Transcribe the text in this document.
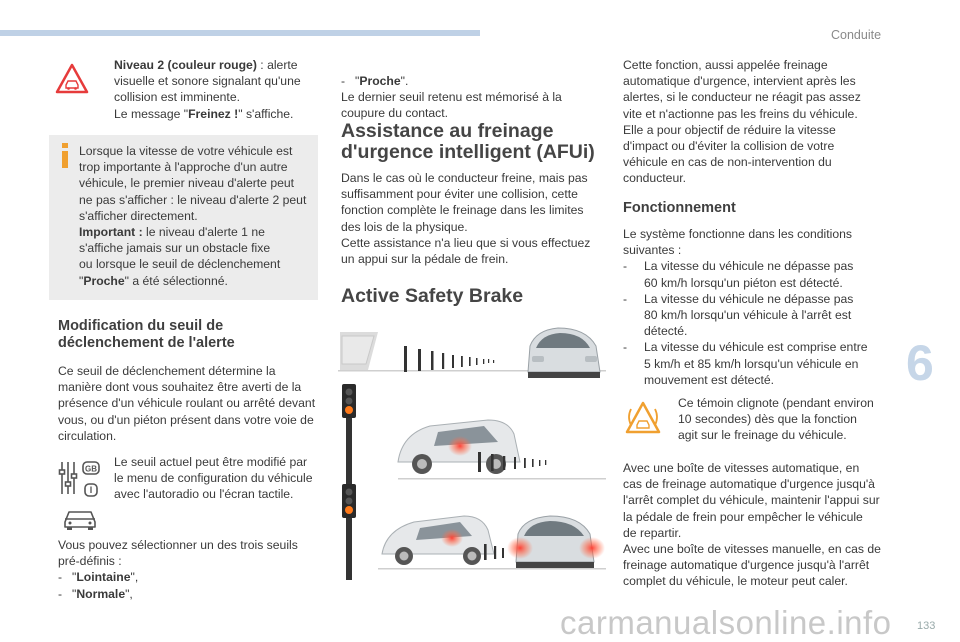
Conduite
6
Niveau 2 (couleur rouge) : alerte
visuelle et sonore signalant qu'une
collision est imminente.
Le message "Freinez !" s'affiche.
Lorsque la vitesse de votre véhicule est
trop importante à l'approche d'un autre
véhicule, le premier niveau d'alerte peut
ne pas s'afficher : le niveau d'alerte 2 peut
s'afficher directement.
Important : le niveau d'alerte 1 ne
s'affiche jamais sur un obstacle fixe
ou lorsque le seuil de déclenchement
"Proche" a été sélectionné.
Modification du seuil de
déclenchement de l'alerte
Ce seuil de déclenchement détermine la
manière dont vous souhaitez être averti de la
présence d'un véhicule roulant ou arrêté devant
vous, ou d'un piéton présent dans votre voie de
circulation.
GB
I
Le seuil actuel peut être modifié par
le menu de configuration du véhicule
avec l'autoradio ou l'écran tactile.
Vous pouvez sélectionner un des trois seuils
pré-définis :
- "Lointaine",
- "Normale",
- "Proche".
Le dernier seuil retenu est mémorisé à la
coupure du contact.
Assistance au freinage
d'urgence intelligent (AFUi)
Dans le cas où le conducteur freine, mais pas
suffisamment pour éviter une collision, cette
fonction complète le freinage dans les limites
des lois de la physique.
Cette assistance n'a lieu que si vous effectuez
un appui sur la pédale de frein.
Active Safety Brake
Cette fonction, aussi appelée freinage
automatique d'urgence, intervient après les
alertes, si le conducteur ne réagit pas assez
vite et n'actionne pas les freins du véhicule.
Elle a pour objectif de réduire la vitesse
d'impact ou d'éviter la collision de votre
véhicule en cas de non-intervention du
conducteur.
Fonctionnement
Le système fonctionne dans les conditions
suivantes :
- La vitesse du véhicule ne dépasse pas
60 km/h lorsqu'un piéton est détecté.
- La vitesse du véhicule ne dépasse pas
80 km/h lorsqu'un véhicule à l'arrêt est
détecté.
- La vitesse du véhicule est comprise entre
5 km/h et 85 km/h lorsqu'un véhicule en
mouvement est détecté.
Ce témoin clignote (pendant environ
10 secondes) dès que la fonction
agit sur le freinage du véhicule.
Avec une boîte de vitesses automatique, en
cas de freinage automatique d'urgence jusqu'à
l'arrêt complet du véhicule, maintenir l'appui sur
la pédale de frein pour empêcher le véhicule
de repartir.
Avec une boîte de vitesses manuelle, en cas de
freinage automatique d'urgence jusqu'à l'arrêt
complet du véhicule, le moteur peut caler.
carmanualsonline.info 133
